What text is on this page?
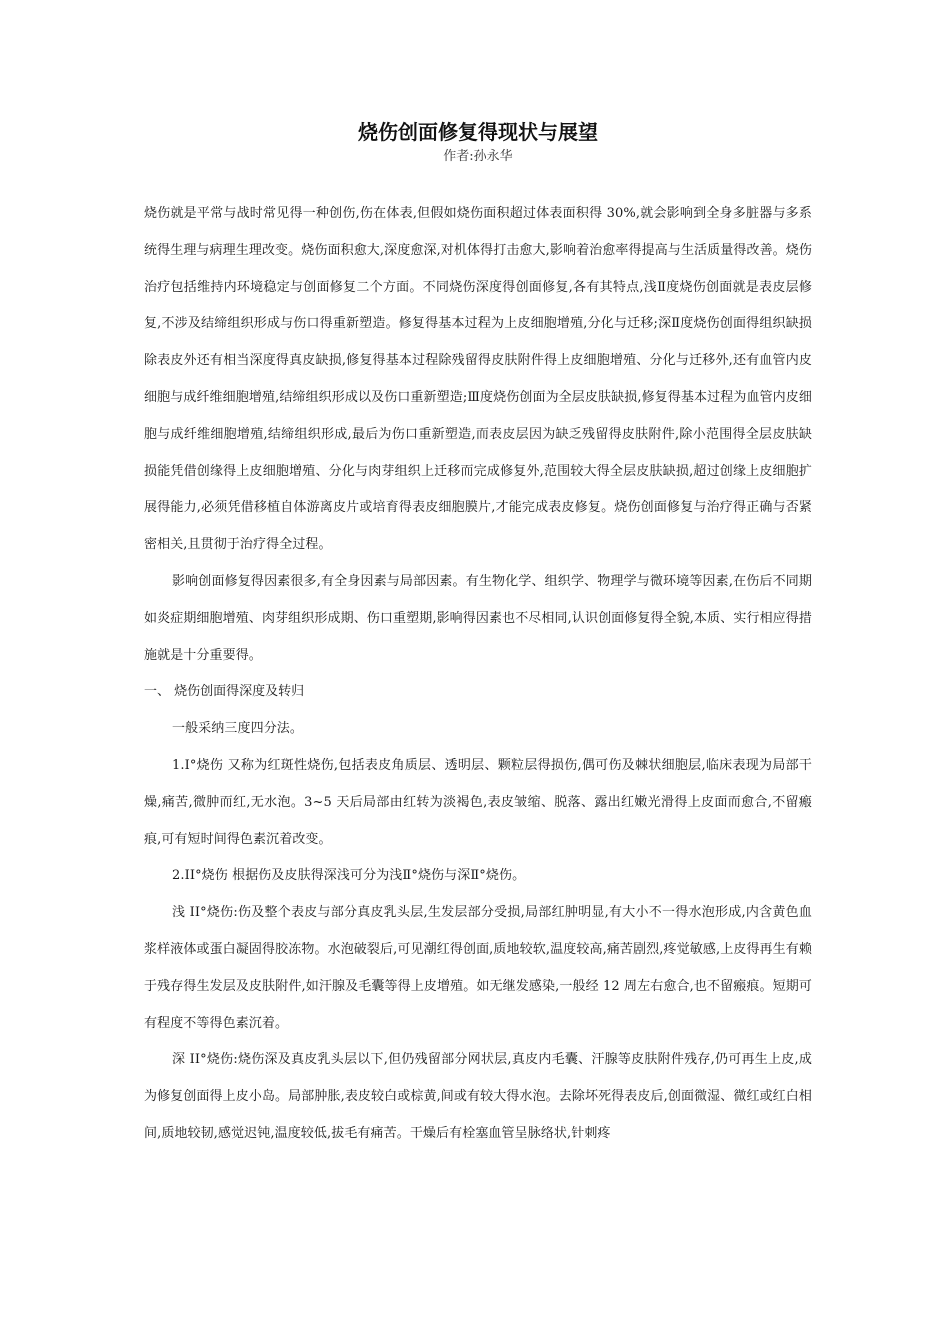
烧伤创面修复得现状与展望
作者:孙永华

烧伤就是平常与战时常见得一种创伤,伤在体表,但假如烧伤面积超过体表面积得 30%,就会影响到全身多脏器与多系统得生理与病理生理改变。烧伤面积愈大,深度愈深,对机体得打击愈大,影响着治愈率得提高与生活质量得改善。烧伤治疗包括维持内环境稳定与创面修复二个方面。不同烧伤深度得创面修复,各有其特点,浅Ⅱ度烧伤创面就是表皮层修复,不涉及结缔组织形成与伤口得重新塑造。修复得基本过程为上皮细胞增殖,分化与迁移;深Ⅱ度烧伤创面得组织缺损除表皮外还有相当深度得真皮缺损,修复得基本过程除残留得皮肤附件得上皮细胞增殖、分化与迁移外,还有血管内皮细胞与成纤维细胞增殖,结缔组织形成以及伤口重新塑造;Ⅲ度烧伤创面为全层皮肤缺损,修复得基本过程为血管内皮细胞与成纤维细胞增殖,结缔组织形成,最后为伤口重新塑造,而表皮层因为缺乏残留得皮肤附件,除小范围得全层皮肤缺损能凭借创缘得上皮细胞增殖、分化与肉芽组织上迁移而完成修复外,范围较大得全层皮肤缺损,超过创缘上皮细胞扩展得能力,必须凭借移植自体游离皮片或培育得表皮细胞膜片,才能完成表皮修复。烧伤创面修复与治疗得正确与否紧密相关,且贯彻于治疗得全过程。

影响创面修复得因素很多,有全身因素与局部因素。有生物化学、组织学、物理学与微环境等因素,在伤后不同期如炎症期细胞增殖、肉芽组织形成期、伤口重塑期,影响得因素也不尽相同,认识创面修复得全貌,本质、实行相应得措施就是十分重要得。

一、 烧伤创面得深度及转归

一般采纳三度四分法。

1.I°烧伤 又称为红斑性烧伤,包括表皮角质层、透明层、颗粒层得损伤,偶可伤及棘状细胞层,临床表现为局部干燥,痛苦,微肿而红,无水泡。3~5 天后局部由红转为淡褐色,表皮皱缩、脱落、露出红嫩光滑得上皮面而愈合,不留瘢痕,可有短时间得色素沉着改变。

2.II°烧伤 根据伤及皮肤得深浅可分为浅Ⅱ°烧伤与深Ⅱ°烧伤。

浅 II°烧伤:伤及整个表皮与部分真皮乳头层,生发层部分受损,局部红肿明显,有大小不一得水泡形成,内含黄色血浆样液体或蛋白凝固得胶冻物。水泡破裂后,可见潮红得创面,质地较软,温度较高,痛苦剧烈,疼觉敏感,上皮得再生有赖于残存得生发层及皮肤附件,如汗腺及毛囊等得上皮增殖。如无继发感染,一般经 12 周左右愈合,也不留瘢痕。短期可有程度不等得色素沉着。

深 II°烧伤:烧伤深及真皮乳头层以下,但仍残留部分网状层,真皮内毛囊、汗腺等皮肤附件残存,仍可再生上皮,成为修复创面得上皮小岛。局部肿胀,表皮较白或棕黄,间或有较大得水泡。去除坏死得表皮后,创面微湿、微红或红白相间,质地较韧,感觉迟钝,温度较低,拔毛有痛苦。干燥后有栓塞血管呈脉络状,针刺疼
